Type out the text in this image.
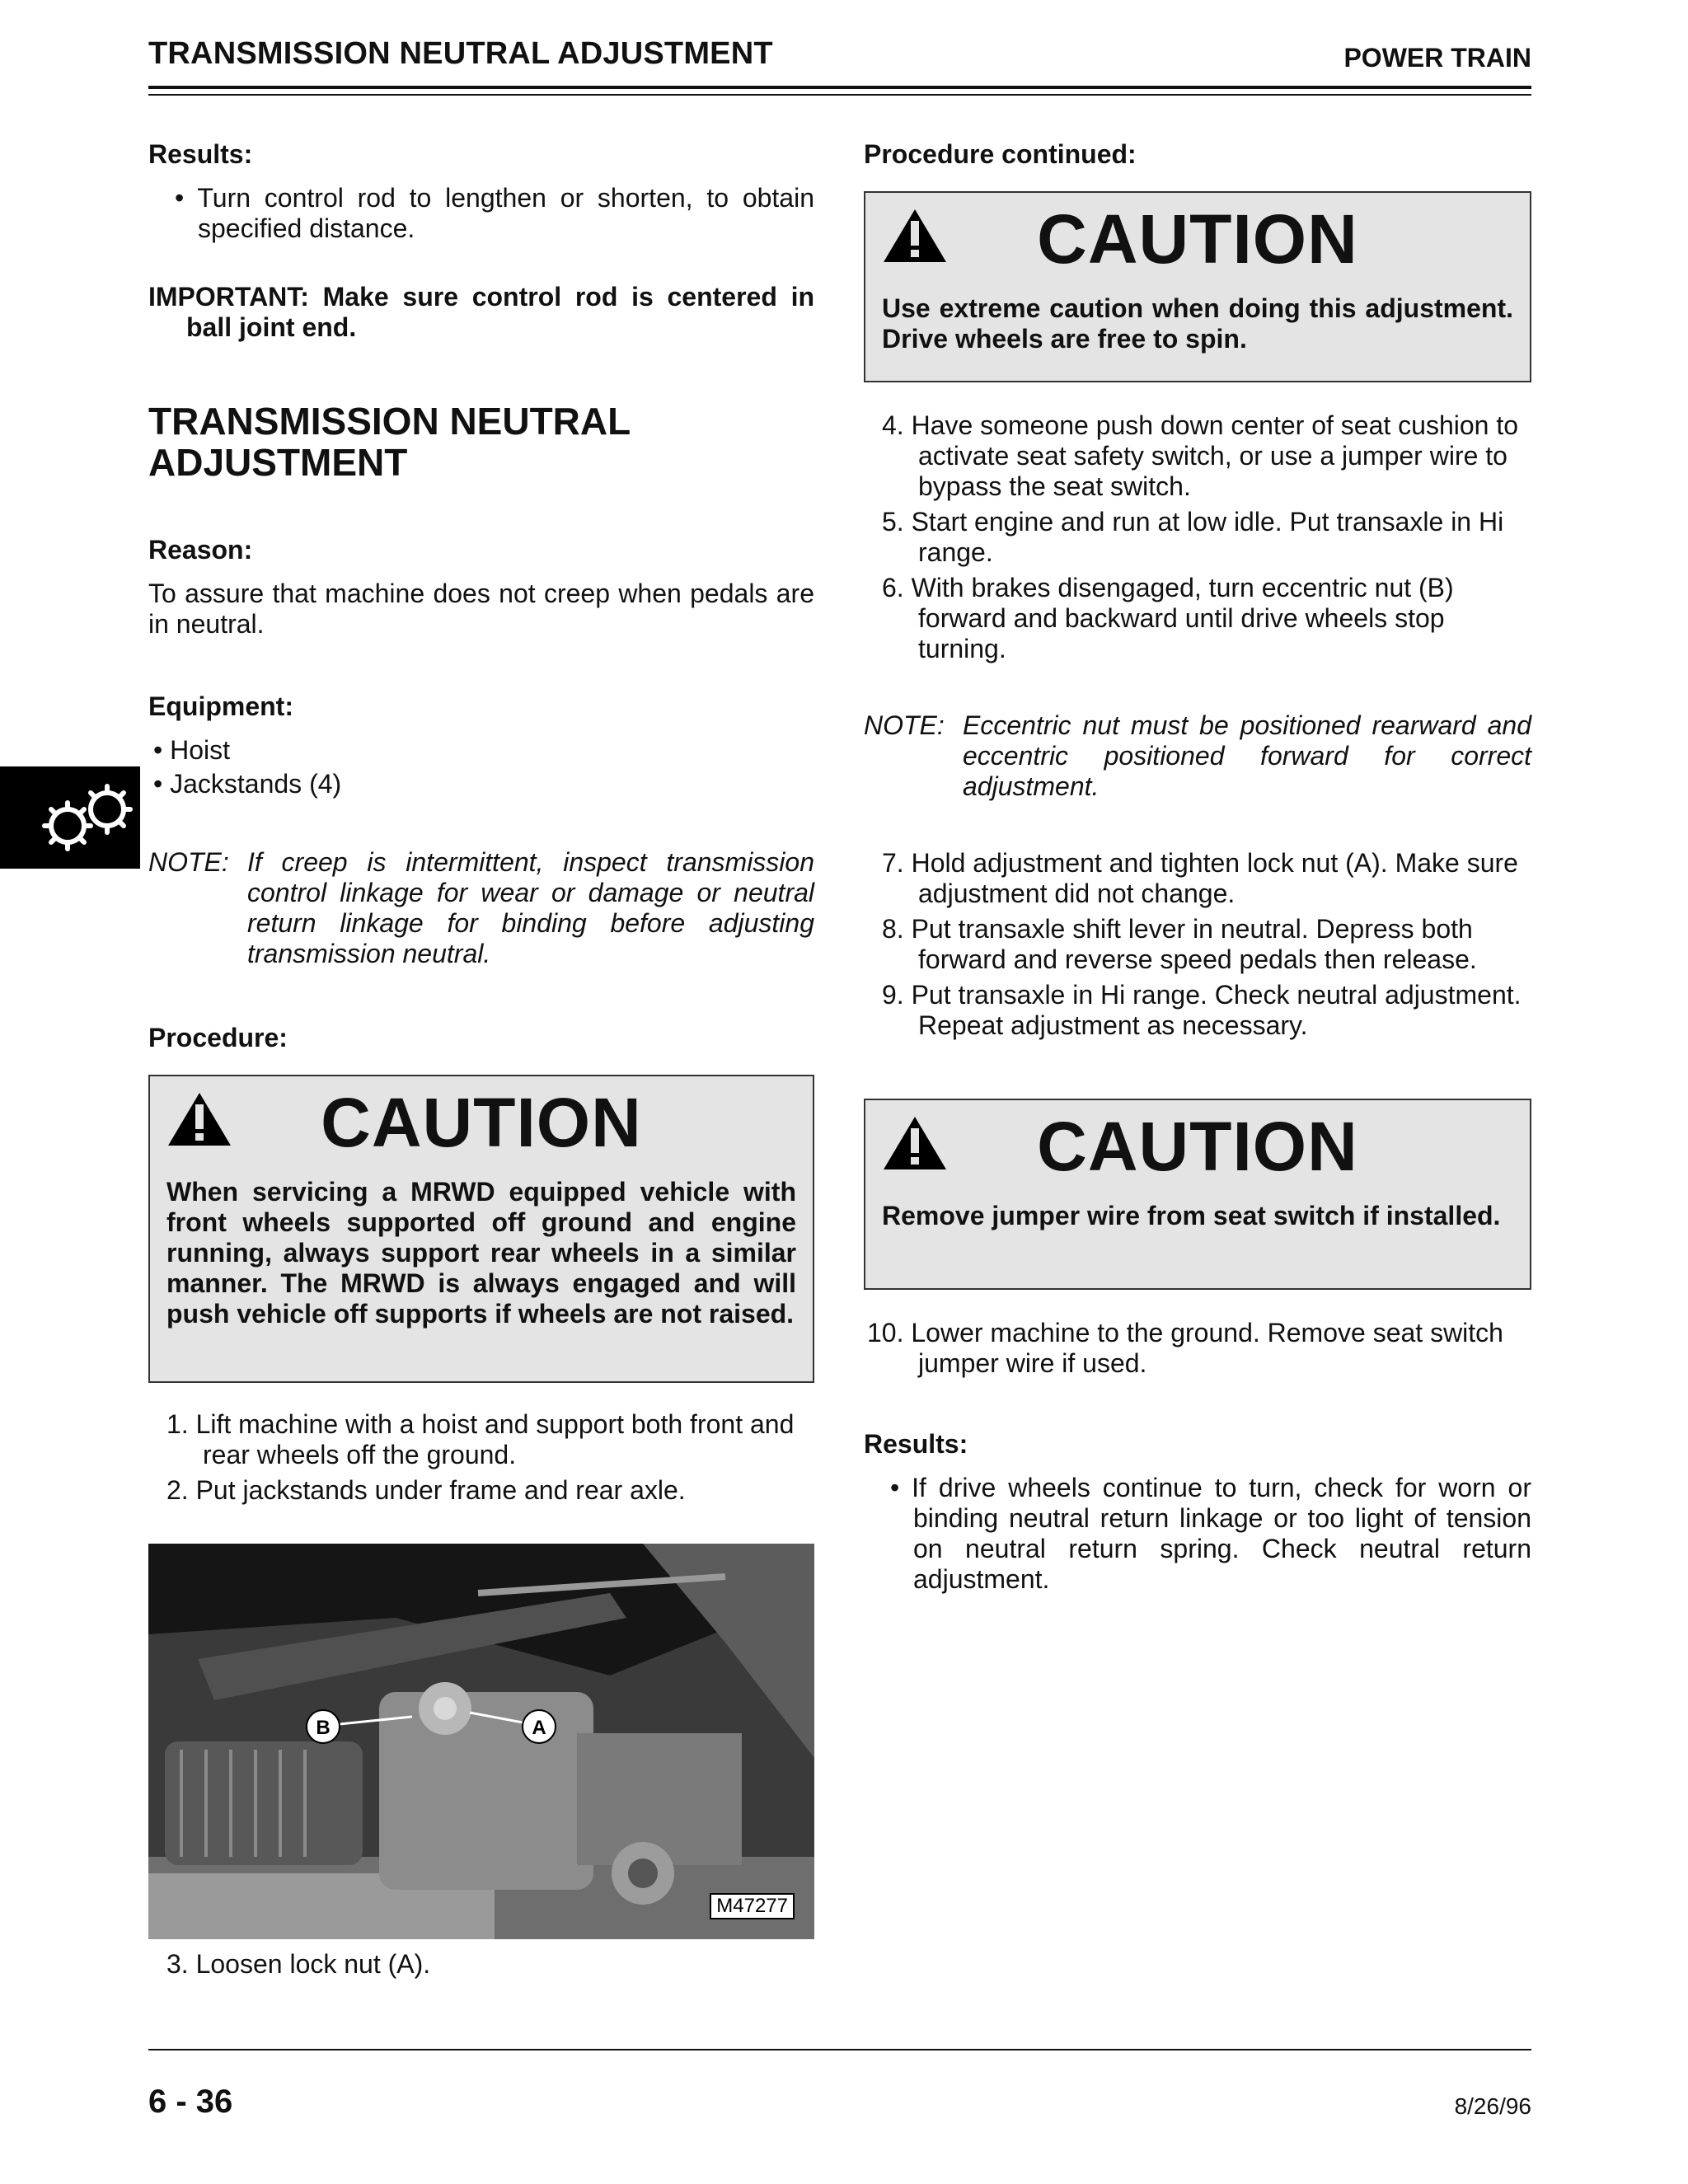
TRANSMISSION NEUTRAL ADJUSTMENT	POWER TRAIN

Results:

• Turn control rod to lengthen or shorten, to obtain specified distance.

IMPORTANT: Make sure control rod is centered in ball joint end.

TRANSMISSION NEUTRAL

ADJUSTMENT

Reason:

To assure that machine does not creep when pedals are in neutral.

Equipment:

• Hoist

• Jackstands (4)

NOTE: If creep is intermittent, inspect transmission control linkage for wear or damage or neutral return linkage for binding before adjusting transmission neutral.

Procedure:

CAUTION

When servicing a MRWD equipped vehicle with front wheels supported off ground and engine running, always support rear wheels in a similar manner. The MRWD is always engaged and will push vehicle off supports if wheels are not raised.

1. Lift machine with a hoist and support both front and rear wheels off the ground.

2. Put jackstands under frame and rear axle.

B	A
M47277

3. Loosen lock nut (A).

Procedure continued:

CAUTION

Use extreme caution when doing this adjustment. Drive wheels are free to spin.

4. Have someone push down center of seat cushion to activate seat safety switch, or use a jumper wire to bypass the seat switch.

5. Start engine and run at low idle. Put transaxle in Hi range.

6. With brakes disengaged, turn eccentric nut (B) forward and backward until drive wheels stop turning.

NOTE: Eccentric nut must be positioned rearward and eccentric positioned forward for correct adjustment.

7. Hold adjustment and tighten lock nut (A). Make sure adjustment did not change.

8. Put transaxle shift lever in neutral. Depress both forward and reverse speed pedals then release.

9. Put transaxle in Hi range. Check neutral adjustment. Repeat adjustment as necessary.

CAUTION

Remove jumper wire from seat switch if installed.

10. Lower machine to the ground. Remove seat switch jumper wire if used.

Results:

• If drive wheels continue to turn, check for worn or binding neutral return linkage or too light of tension on neutral return spring. Check neutral return adjustment.

6 - 36	8/26/96
